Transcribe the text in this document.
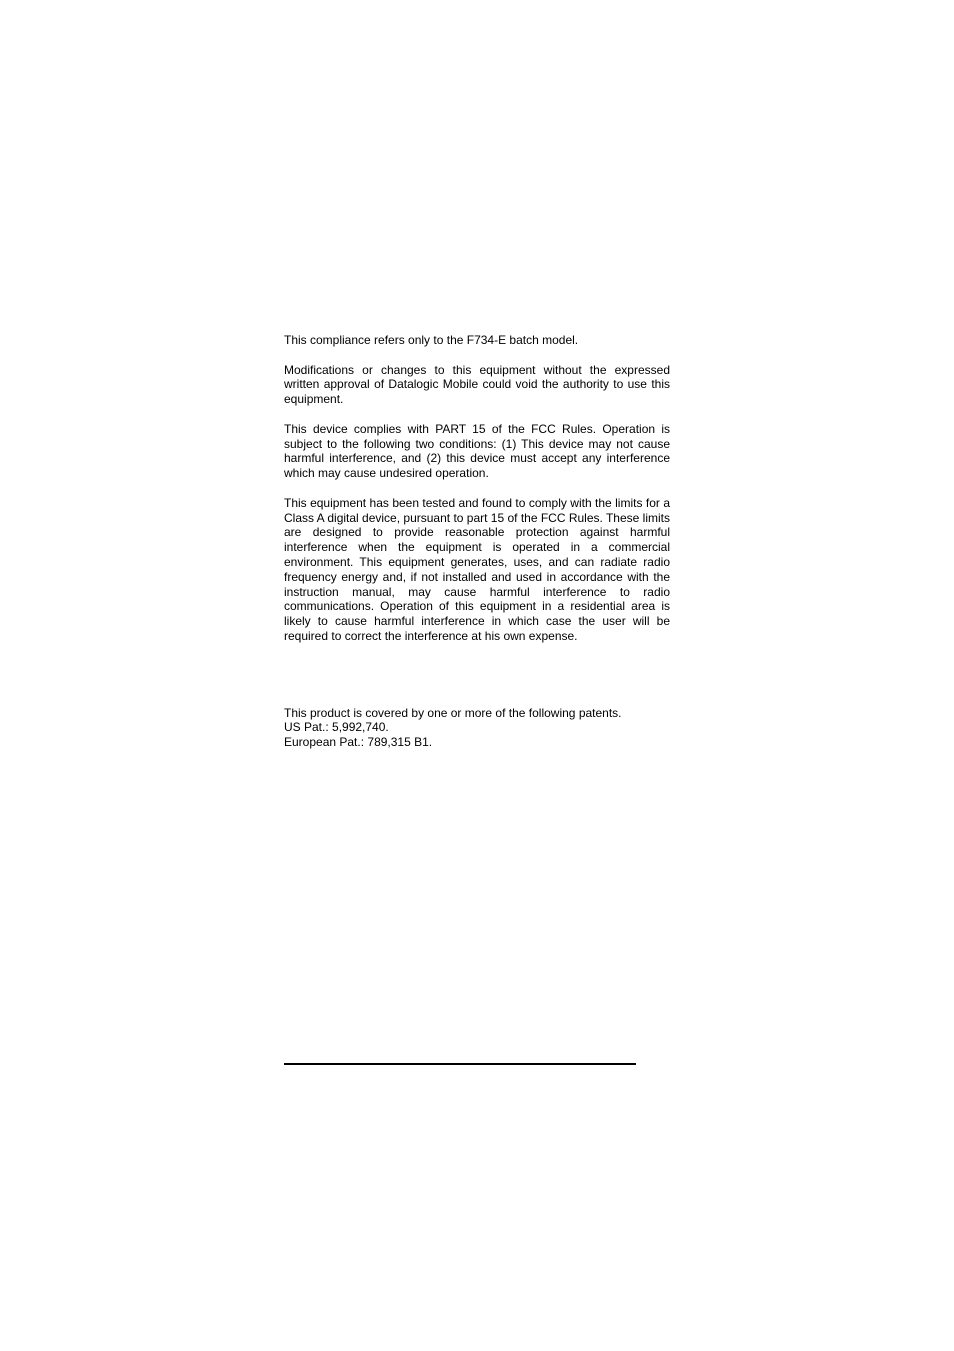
This compliance refers only to the F734-E batch model.

Modifications or changes to this equipment without the expressed written approval of Datalogic Mobile could void the authority to use this equipment.

This device complies with PART 15 of the FCC Rules. Operation is subject to the following two conditions: (1) This device may not cause harmful interference, and (2) this device must accept any interference which may cause undesired operation.

This equipment has been tested and found to comply with the limits for a Class A digital device, pursuant to part 15 of the FCC Rules. These limits are designed to provide reasonable protection against harmful interference when the equipment is operated in a commercial environment. This equipment generates, uses, and can radiate radio frequency energy and, if not installed and used in accordance with the instruction manual, may cause harmful interference to radio communications. Operation of this equipment in a residential area is likely to cause harmful interference in which case the user will be required to correct the interference at his own expense.

This product is covered by one or more of the following patents.
US Pat.: 5,992,740.
European Pat.: 789,315 B1.
